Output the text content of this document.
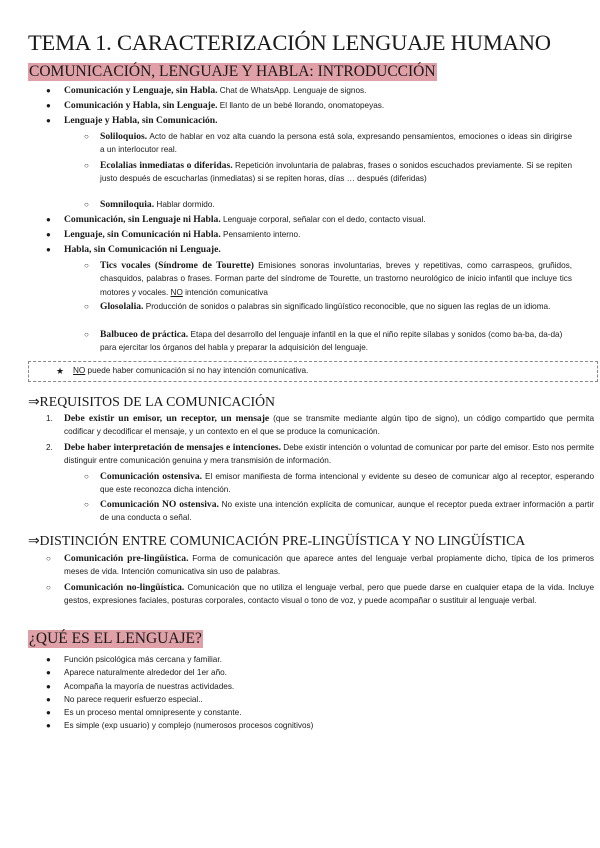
TEMA 1. CARACTERIZACIÓN LENGUAJE HUMANO
COMUNICACIÓN, LENGUAJE Y HABLA: INTRODUCCIÓN
● Comunicación y Lenguaje, sin Habla. Chat de WhatsApp. Lenguaje de signos.
● Comunicación y Habla, sin Lenguaje. El llanto de un bebé llorando, onomatopeyas.
● Lenguaje y Habla, sin Comunicación.
○ Soliloquios. Acto de hablar en voz alta cuando la persona está sola, expresando pensamientos, emociones o ideas sin dirigirse a un interlocutor real.
○ Ecolalias inmediatas o diferidas. Repetición involuntaria de palabras, frases o sonidos escuchados previamente. Si se repiten justo después de escucharlas (inmediatas) si se repiten horas, días … después (diferidas)
○ Somniloquia. Hablar dormido.
● Comunicación, sin Lenguaje ni Habla. Lenguaje corporal, señalar con el dedo, contacto visual.
● Lenguaje, sin Comunicación ni Habla. Pensamiento interno.
● Habla, sin Comunicación ni Lenguaje.
○ Tics vocales (Síndrome de Tourette) Emisiones sonoras involuntarias, breves y repetitivas, como carraspeos, gruñidos, chasquidos, palabras o frases. Forman parte del síndrome de Tourette, un trastorno neurológico de inicio infantil que incluye tics motores y vocales. NO intención comunicativa
○ Glosolalia. Producción de sonidos o palabras sin significado lingüístico reconocible, que no siguen las reglas de un idioma.
○ Balbuceo de práctica. Etapa del desarrollo del lenguaje infantil en la que el niño repite sílabas y sonidos (como ba-ba, da-da) para ejercitar los órganos del habla y preparar la adquisición del lenguaje.
★ NO puede haber comunicación si no hay intención comunicativa.
⇒REQUISITOS DE LA COMUNICACIÓN
1. Debe existir un emisor, un receptor, un mensaje (que se transmite mediante algún tipo de signo), un código compartido que permita codificar y decodificar el mensaje, y un contexto en el que se produce la comunicación.
2. Debe haber interpretación de mensajes e intenciones. Debe existir intención o voluntad de comunicar por parte del emisor. Esto nos permite distinguir entre comunicación genuina y mera transmisión de información.
○ Comunicación ostensiva. El emisor manifiesta de forma intencional y evidente su deseo de comunicar algo al receptor, esperando que este reconozca dicha intención.
○ Comunicación NO ostensiva. No existe una intención explícita de comunicar, aunque el receptor pueda extraer información a partir de una conducta o señal.
⇒DISTINCIÓN ENTRE COMUNICACIÓN PRE-LINGÜÍSTICA Y NO LINGÜÍSTICA
○ Comunicación pre-lingüística. Forma de comunicación que aparece antes del lenguaje verbal propiamente dicho, típica de los primeros meses de vida. Intención comunicativa sin uso de palabras.
○ Comunicación no-lingüística. Comunicación que no utiliza el lenguaje verbal, pero que puede darse en cualquier etapa de la vida. Incluye gestos, expresiones faciales, posturas corporales, contacto visual o tono de voz, y puede acompañar o sustituir al lenguaje verbal.
¿QUÉ ES EL LENGUAJE?
● Función psicológica más cercana y familiar.
● Aparece naturalmente alrededor del 1er año.
● Acompaña la mayoría de nuestras actividades.
● No parece requerir esfuerzo especial..
● Es un proceso mental omnipresente y constante.
● Es simple (exp usuario) y complejo (numerosos procesos cognitivos)
